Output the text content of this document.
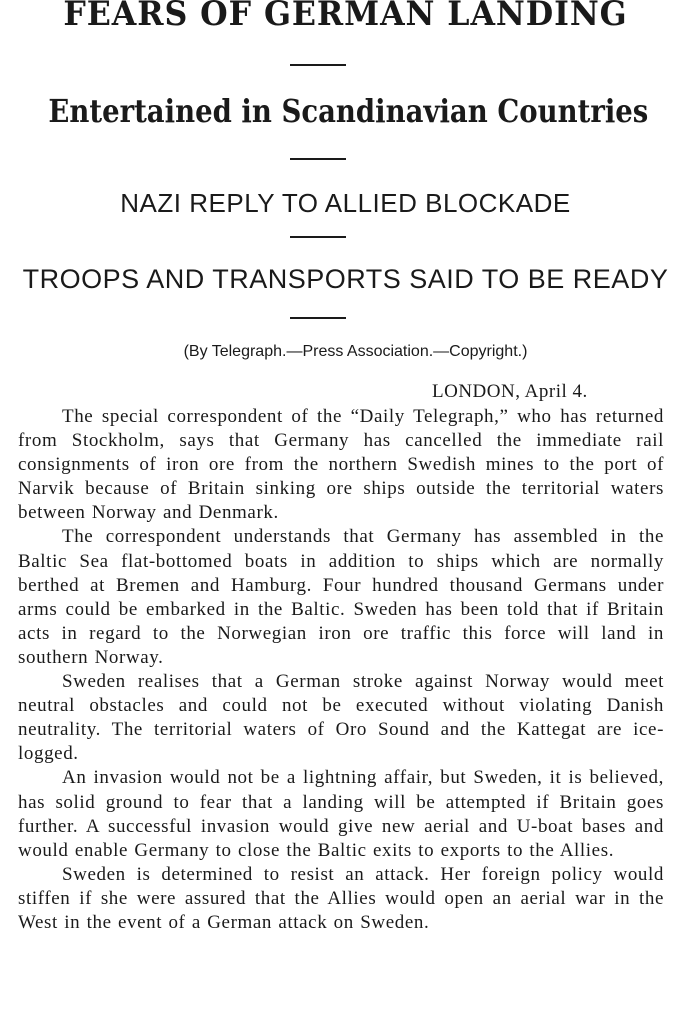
FEARS OF GERMAN LANDING
Entertained in Scandinavian Countries
NAZI REPLY TO ALLIED BLOCKADE
TROOPS AND TRANSPORTS SAID TO BE READY
(By Telegraph.—Press Association.—Copyright.)
LONDON, April 4.

The special correspondent of the “Daily Telegraph,” who has returned from Stockholm, says that Germany has cancelled the immediate rail consignments of iron ore from the northern Swedish mines to the port of Narvik because of Britain sinking ore ships outside the territorial waters between Norway and Denmark.

The correspondent understands that Germany has assembled in the Baltic Sea flat-bottomed boats in addition to ships which are normally berthed at Bremen and Hamburg. Four hundred thousand Germans under arms could be embarked in the Baltic. Sweden has been told that if Britain acts in regard to the Norwegian iron ore traffic this force will land in southern Norway.

Sweden realises that a German stroke against Norway would meet neutral obstacles and could not be executed without violating Danish neutrality. The territorial waters of Oro Sound and the Kattegat are ice-logged.

An invasion would not be a lightning affair, but Sweden, it is believed, has solid ground to fear that a landing will be attempted if Britain goes further. A successful invasion would give new aerial and U-boat bases and would enable Germany to close the Baltic exits to exports to the Allies.

Sweden is determined to resist an attack. Her foreign policy would stiffen if she were assured that the Allies would open an aerial war in the West in the event of a German attack on Sweden.
